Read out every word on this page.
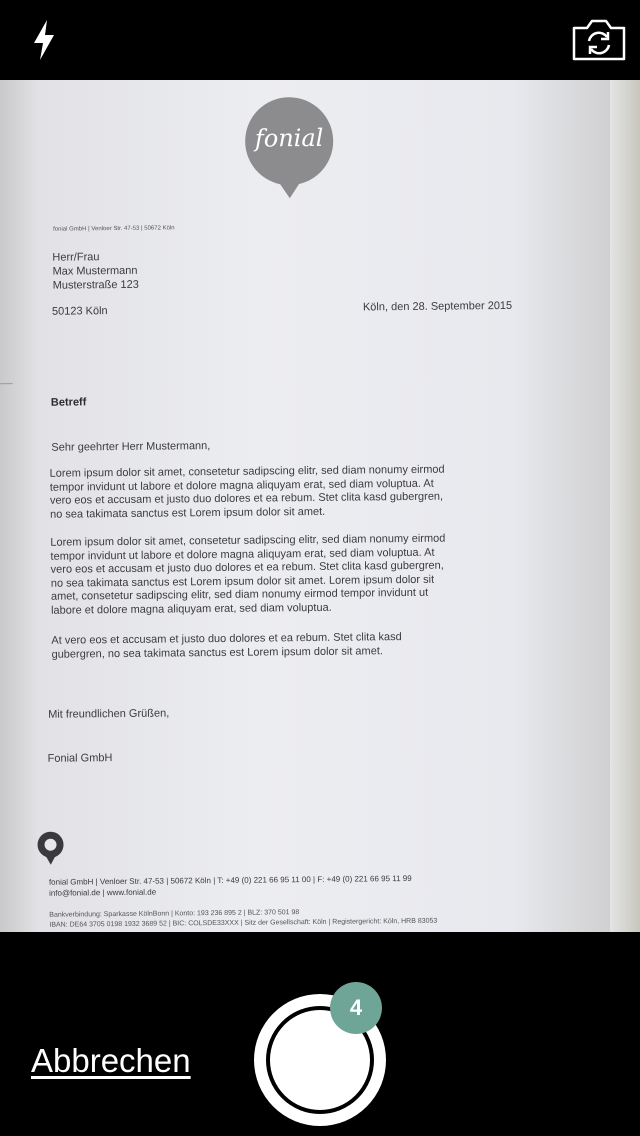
fonial
fonial GmbH | Venloer Str. 47-53 | 50672 Köln
Herr/Frau
Max Mustermann
Musterstraße 123
50123 Köln	Köln, den 28. September 2015
Betreff
Sehr geehrter Herr Mustermann,
Lorem ipsum dolor sit amet, consetetur sadipscing elitr, sed diam nonumy eirmod
tempor invidunt ut labore et dolore magna aliquyam erat, sed diam voluptua. At
vero eos et accusam et justo duo dolores et ea rebum. Stet clita kasd gubergren,
no sea takimata sanctus est Lorem ipsum dolor sit amet.
Lorem ipsum dolor sit amet, consetetur sadipscing elitr, sed diam nonumy eirmod
tempor invidunt ut labore et dolore magna aliquyam erat, sed diam voluptua. At
vero eos et accusam et justo duo dolores et ea rebum. Stet clita kasd gubergren,
no sea takimata sanctus est Lorem ipsum dolor sit amet. Lorem ipsum dolor sit
amet, consetetur sadipscing elitr, sed diam nonumy eirmod tempor invidunt ut
labore et dolore magna aliquyam erat, sed diam voluptua.
At vero eos et accusam et justo duo dolores et ea rebum. Stet clita kasd
gubergren, no sea takimata sanctus est Lorem ipsum dolor sit amet.
Mit freundlichen Grüßen,
Fonial GmbH
fonial GmbH | Venloer Str. 47-53 | 50672 Köln | T: +49 (0) 221 66 95 11 00 | F: +49 (0) 221 66 95 11 99
info@fonial.de | www.fonial.de
Bankverbindung: Sparkasse KölnBonn | Konto: 193 236 895 2 | BLZ: 370 501 98
IBAN: DE64 3705 0198 1932 3689 52 | BIC: COLSDE33XXX | Sitz der Gesellschaft: Köln | Registergericht: Köln, HRB 83053
Abbrechen
4
